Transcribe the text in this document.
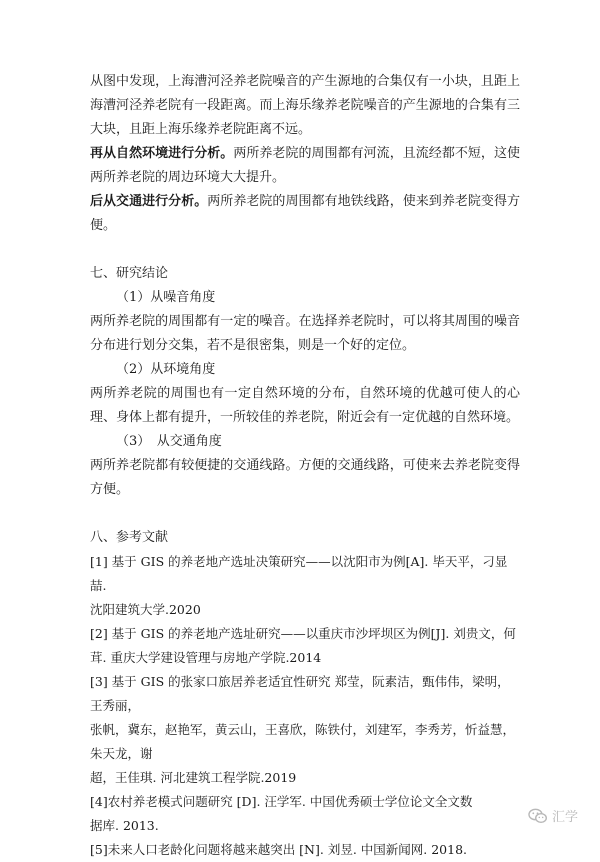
从图中发现，上海漕河泾养老院噪音的产生源地的合集仅有一小块，且距上海漕河泾养老院有一段距离。而上海乐缘养老院噪音的产生源地的合集有三大块，且距上海乐缘养老院距离不远。

再从自然环境进行分析。两所养老院的周围都有河流，且流经都不短，这使两所养老院的周边环境大大提升。

后从交通进行分析。两所养老院的周围都有地铁线路，使来到养老院变得方便。

七、研究结论

（1）从噪音角度

两所养老院的周围都有一定的噪音。在选择养老院时，可以将其周围的噪音分布进行划分交集，若不是很密集，则是一个好的定位。

（2）从环境角度

两所养老院的周围也有一定自然环境的分布，自然环境的优越可使人的心理、身体上都有提升，一所较佳的养老院，附近会有一定优越的自然环境。

（3）　从交通角度

两所养老院都有较便捷的交通线路。方便的交通线路，可使来去养老院变得方便。

八、参考文献

[1] 基于 GIS 的养老地产选址决策研究——以沈阳市为例[A]. 毕天平，刁显喆.

沈阳建筑大学.2020

[2] 基于 GIS 的养老地产选址研究——以重庆市沙坪坝区为例[J]. 刘贵文，何

茸. 重庆大学建设管理与房地产学院.2014

[3] 基于 GIS 的张家口旅居养老适宜性研究 郑莹，阮素洁，甄伟伟，梁明，王秀丽，

张帆，冀东，赵艳军，黄云山，王喜欣，陈铁付，刘建军，李秀芳，忻益慧，朱天龙，谢

超，王佳琪. 河北建筑工程学院.2019

[4]农村养老模式问题研究 [D]. 汪学军. 中国优秀硕士学位论文全文数

据库. 2013.

[5]未来人口老龄化问题将越来越突出 [N]. 刘昱. 中国新闻网. 2018.

汇学
